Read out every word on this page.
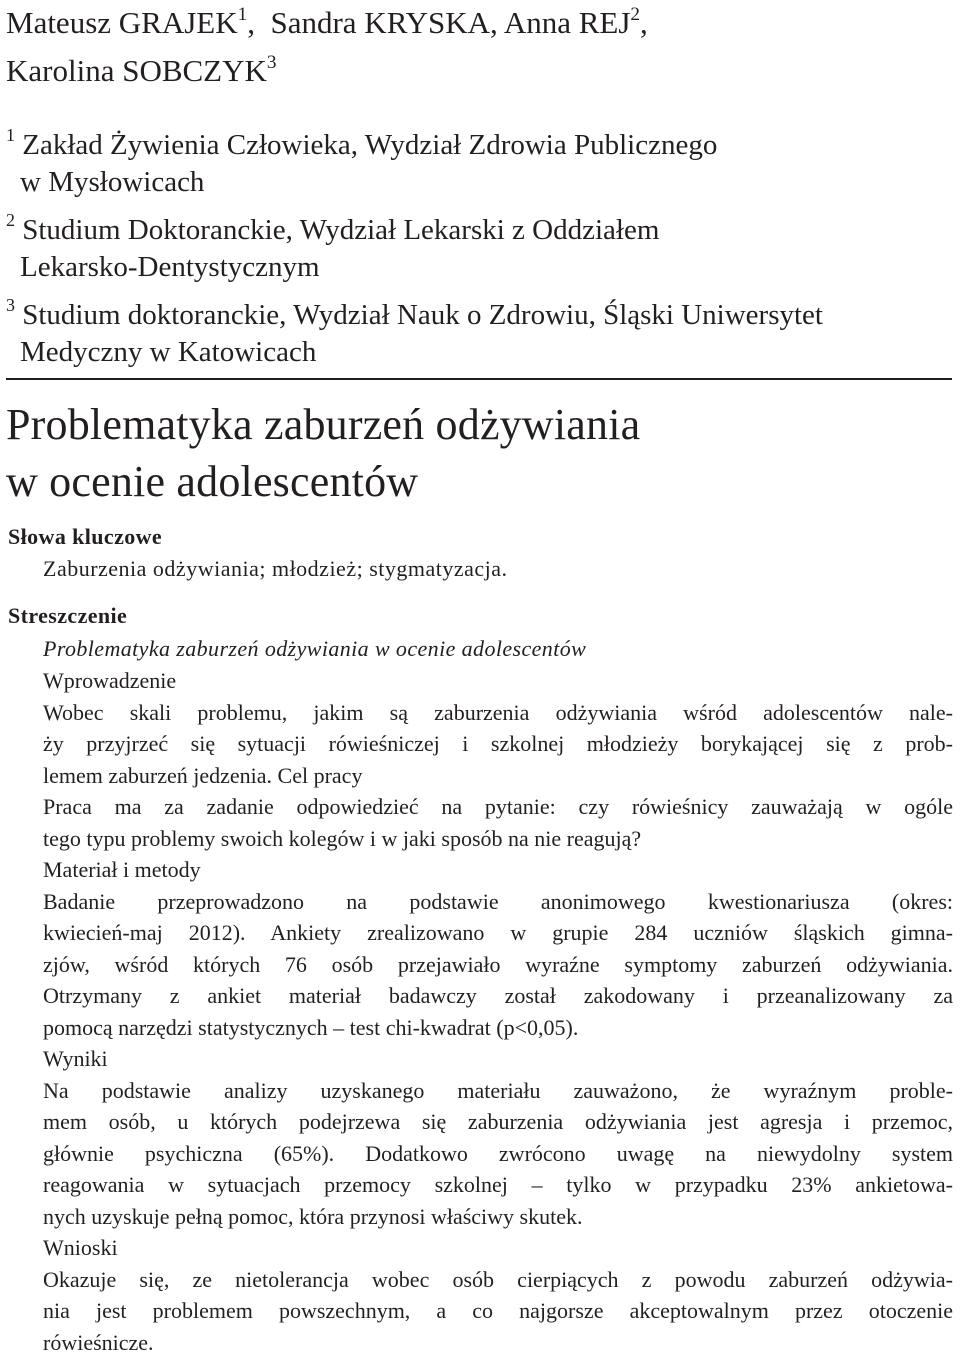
Mateusz GRAJEK$^1$,  Sandra KRYSKA, Anna REJ$^2$,
Karolina SOBCZYK$^3$
$^1$ Zakład Żywienia Człowieka, Wydział Zdrowia Publicznego
w Mysłowicach
$^2$ Studium Doktoranckie, Wydział Lekarski z Oddziałem
Lekarsko-Dentystycznym
$^3$ Studium doktoranckie, Wydział Nauk o Zdrowiu, Śląski Uniwersytet
Medyczny w Katowicach
Problematyka zaburzeń odżywiania
w ocenie adolescentów
Słowa kluczowe
Zaburzenia odżywiania; młodzież; stygmatyzacja.
Streszczenie
Problematyka zaburzeń odżywiania w ocenie adolescentów
Wprowadzenie
Wobec skali problemu, jakim są zaburzenia odżywiania wśród adolescentów nale-
ży przyjrzeć się sytuacji rówieśniczej i szkolnej młodzieży borykającej się z prob-
lemem zaburzeń jedzenia. Cel pracy
Praca ma za zadanie odpowiedzieć na pytanie: czy rówieśnicy zauważają w ogóle
tego typu problemy swoich kolegów i w jaki sposób na nie reagują?
Materiał i metody
Badanie przeprowadzono na podstawie anonimowego kwestionariusza (okres:
kwiecień-maj 2012). Ankiety zrealizowano w grupie 284 uczniów śląskich gimna-
zjów, wśród których 76 osób przejawiało wyraźne symptomy zaburzeń odżywiania.
Otrzymany z ankiet materiał badawczy został zakodowany i przeanalizowany za
pomocą narzędzi statystycznych – test chi-kwadrat (p<0,05).
Wyniki
Na podstawie analizy uzyskanego materiału zauważono, że wyraźnym proble-
mem osób, u których podejrzewa się zaburzenia odżywiania jest agresja i przemoc,
głównie psychiczna (65%). Dodatkowo zwrócono uwagę na niewydolny system
reagowania w sytuacjach przemocy szkolnej – tylko w przypadku 23% ankietowa-
nych uzyskuje pełną pomoc, która przynosi właściwy skutek.
Wnioski
Okazuje się, ze nietolerancja wobec osób cierpiących z powodu zaburzeń odżywia-
nia jest problemem powszechnym, a co najgorsze akceptowalnym przez otoczenie
rówieśnicze.
